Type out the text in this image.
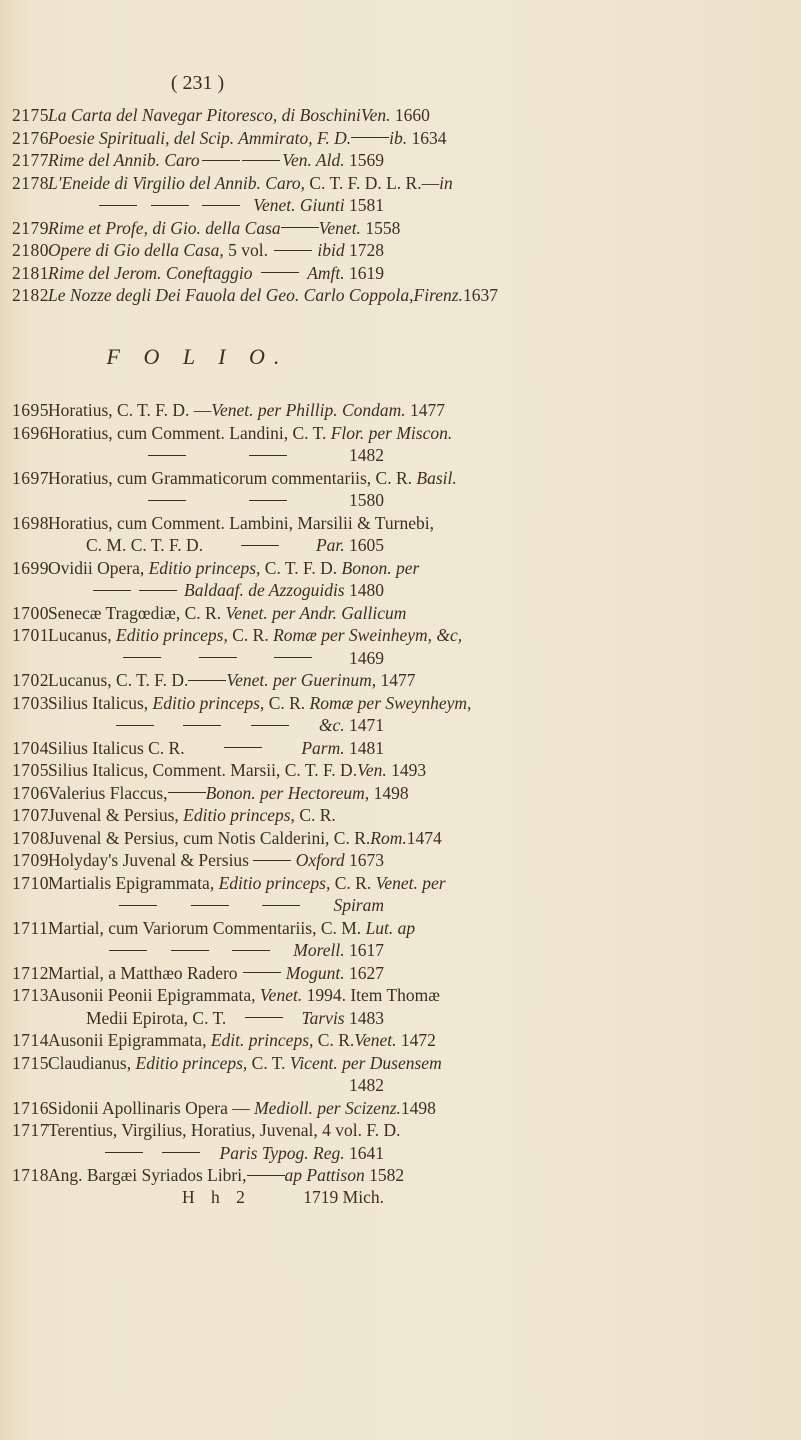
( 231 )
2175 La Carta del Navegar Pitoresco, di Boschini Ven. 1660
2176 Poesie Spirituali, del Scip. Ammirato, F. D. ib. 1634
2177 Rime del Annib. Caro	Ven. Ald. 1569
2178 L'Eneide di Virgilio del Annib. Caro, C. T. F. D. L. R.—in
Venet. Giunti 1581
2179 Rime et Profe, di Gio. della Casa Venet. 1558
2180 Opere di Gio della Casa, 5 vol.	ibid 1728
2181 Rime del Jerom. Coneftaggio	Amft. 1619
2182 Le Nozze degli Dei Fauola del Geo. Carlo Coppola,Firenz.1637
F O L I O.
1695 Horatius, C. T. F. D. — Venet. per Phillip. Condam. 1477
1696 Horatius, cum Comment. Landini, C. T. Flor. per Miscon.
1482
1697 Horatius, cum Grammaticorum commentariis, C. R. Basil.
1580
1698 Horatius, cum Comment. Lambini, Marsilii & Turnebi,
C. M. C. T. F. D.	Par. 1605
1699 Ovidii Opera, Editio princeps, C. T. F. D. Bonon. per
Baldaaf. de Azzoguidis 1480
1700 Senecæ Tragœdiæ, C. R. Venet. per Andr. Gallicum
1701 Lucanus, Editio princeps, C. R. Romæ per Sweinheym, &c,
1469
1702 Lucanus, C. T. F. D. Venet. per Guerinum, 1477
1703 Silius Italicus, Editio princeps, C. R. Romæ per Sweynheym,
&c. 1471
1704 Silius Italicus C. R.	Parm. 1481
1705 Silius Italicus, Comment. Marsii, C. T. F. D. Ven. 1493
1706 Valerius Flaccus, Bonon. per Hectoreum, 1498
1707 Juvenal & Persius, Editio princeps, C. R.
1708 Juvenal & Persius, cum Notis Calderini, C. R. Rom.1474
1709 Holyday's Juvenal & Persius	Oxford 1673
1710 Martialis Epigrammata, Editio princeps, C. R. Venet. per
Spiram
1711 Martial, cum Variorum Commentariis, C. M. Lut. ap
Morell. 1617
1712 Martial, a Matthæo Radero	Mogunt. 1627
1713 Ausonii Peonii Epigrammata, Venet. 1994. Item Thomæ
Medii Epirota, C. T.	Tarvis 1483
1714 Ausonii Epigrammata, Edit. princeps, C. R. Venet. 1472
1715 Claudianus, Editio princeps, C. T. Vicent. per Dusensem
1482
1716 Sidonii Apollinaris Opera — Medioll. per Scizenz. 1498
1717 Terentius, Virgilius, Horatius, Juvenal, 4 vol. F. D.
Paris Typog. Reg. 1641
1718 Ang. Bargæi Syriados Libri, ap Pattison 1582
H h 2	1719 Mich.
